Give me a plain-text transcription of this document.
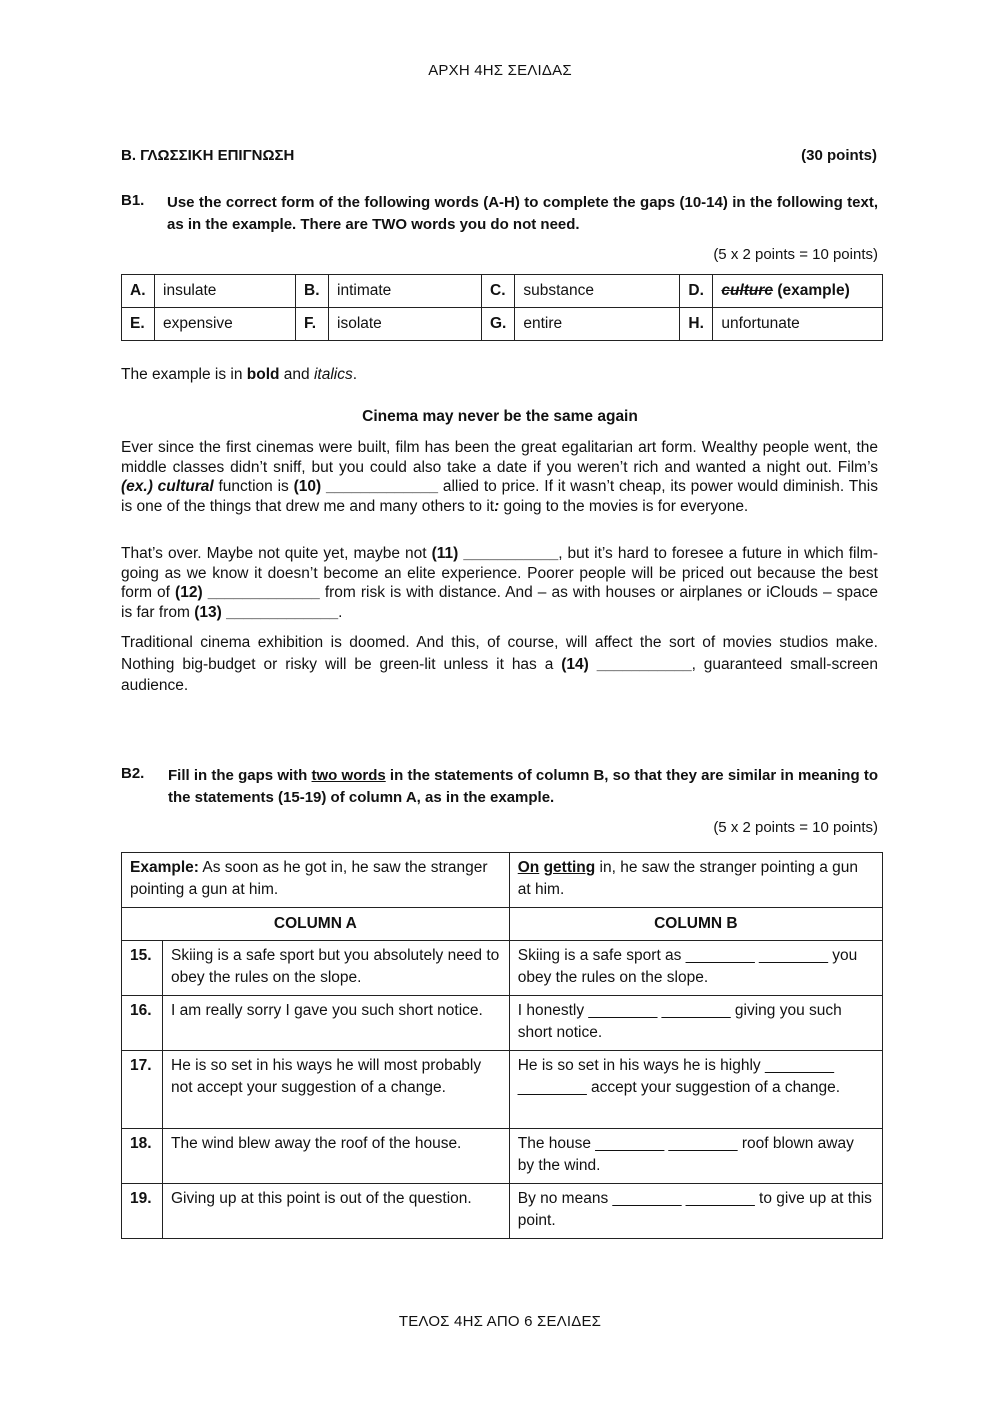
ΑΡΧΗ 4ΗΣ ΣΕΛΙΔΑΣ
Β. ΓΛΩΣΣΙΚΗ ΕΠΙΓΝΩΣΗ	(30 points)
B1. Use the correct form of the following words (A-H) to complete the gaps (10-14) in the following text, as in the example. There are TWO words you do not need.
(5 x 2 points = 10 points)
A.	insulate	B.	intimate	C.	substance	D.	culture (example)
E.	expensive	F.	isolate	G.	entire	H.	unfortunate
The example is in bold and italics.
Cinema may never be the same again
Ever since the first cinemas were built, film has been the great egalitarian art form. Wealthy people went, the middle classes didn’t sniff, but you could also take a date if you weren’t rich and wanted a night out. Film’s (ex.) cultural function is (10) _____________ allied to price. If it wasn’t cheap, its power would diminish. This is one of the things that drew me and many others to it: going to the movies is for everyone.
That’s over. Maybe not quite yet, maybe not (11) ___________, but it’s hard to foresee a future in which film-going as we know it doesn’t become an elite experience. Poorer people will be priced out because the best form of (12) _____________ from risk is with distance. And – as with houses or airplanes or iClouds – space is far from (13) _____________.
Traditional cinema exhibition is doomed. And this, of course, will affect the sort of movies studios make. Nothing big-budget or risky will be green-lit unless it has a (14) ___________, guaranteed small-screen audience.
B2. Fill in the gaps with two words in the statements of column B, so that they are similar in meaning to the statements (15-19) of column A, as in the example.
(5 x 2 points = 10 points)
Example: As soon as he got in, he saw the stranger pointing a gun at him.		On getting in, he saw the stranger pointing a gun at him.
COLUMN A		COLUMN B
15.	Skiing is a safe sport but you absolutely need to obey the rules on the slope.	Skiing is a safe sport as ________ ________ you obey the rules on the slope.
16.	I am really sorry I gave you such short notice.	I honestly ________ ________ giving you such short notice.
17.	He is so set in his ways he will most probably not accept your suggestion of a change.	He is so set in his ways he is highly ________ ________ accept your suggestion of a change.
18.	The wind blew away the roof of the house.	The house ________ ________ roof blown away by the wind.
19.	Giving up at this point is out of the question.	By no means ________ ________ to give up at this point.
ΤΕΛΟΣ 4ΗΣ ΑΠΟ 6 ΣΕΛΙΔΕΣ
